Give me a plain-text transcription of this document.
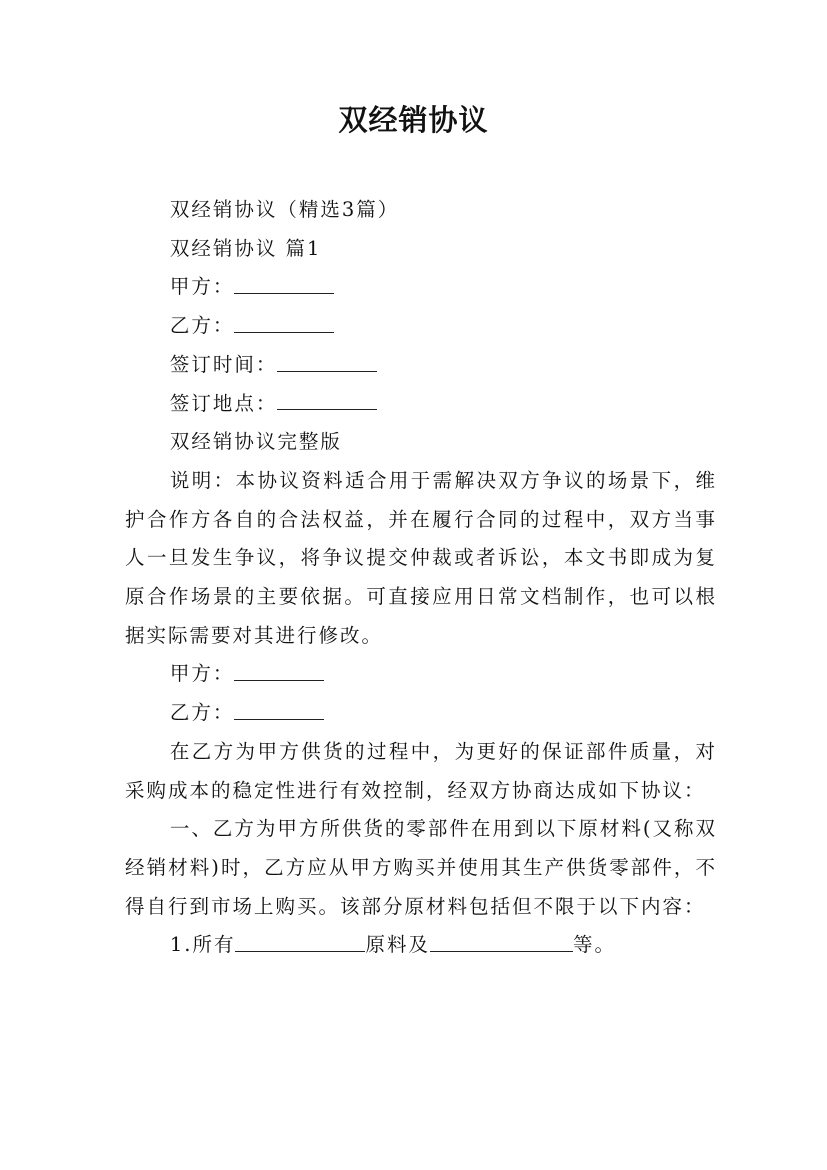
双经销协议

双经销协议（精选3篇）

双经销协议 篇1

甲方：

乙方：

签订时间：

签订地点：

双经销协议完整版

说明：本协议资料适合用于需解决双方争议的场景下，维护合作方各自的合法权益，并在履行合同的过程中，双方当事人一旦发生争议，将争议提交仲裁或者诉讼，本文书即成为复原合作场景的主要依据。可直接应用日常文档制作，也可以根据实际需要对其进行修改。

甲方：

乙方：

在乙方为甲方供货的过程中，为更好的保证部件质量，对采购成本的稳定性进行有效控制，经双方协商达成如下协议：

一、乙方为甲方所供货的零部件在用到以下原材料(又称双经销材料)时，乙方应从甲方购买并使用其生产供货零部件，不得自行到市场上购买。该部分原材料包括但不限于以下内容：

1.所有	原料及	等。
